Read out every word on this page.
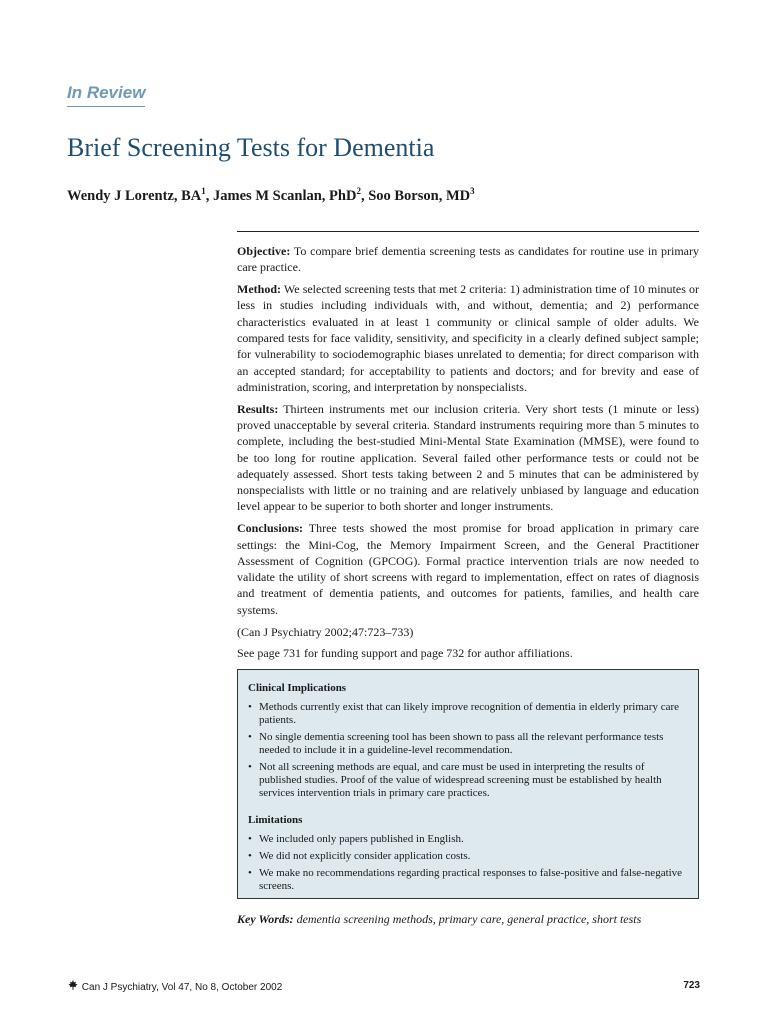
In Review
Brief Screening Tests for Dementia
Wendy J Lorentz, $BA^1$, James M Scanlan, PhD$^2$, Soo Borson, $MD^3$

Objective: To compare brief dementia screening tests as candidates for routine use in primary care practice.

Method: We selected screening tests that met 2 criteria: 1) administration time of 10 minutes or less in studies including individuals with, and without, dementia; and 2) performance characteristics evaluated in at least 1 community or clinical sample of older adults. We compared tests for face validity, sensitivity, and specificity in a clearly defined subject sample; for vulnerability to sociodemographic biases unrelated to dementia; for direct comparison with an accepted standard; for acceptability to patients and doctors; and for brevity and ease of administration, scoring, and interpretation by nonspecialists.

Results: Thirteen instruments met our inclusion criteria. Very short tests (1 minute or less) proved unacceptable by several criteria. Standard instruments requiring more than 5 minutes to complete, including the best-studied Mini-Mental State Examination (MMSE), were found to be too long for routine application. Several failed other performance tests or could not be adequately assessed. Short tests taking between 2 and 5 minutes that can be administered by nonspecialists with little or no training and are relatively unbiased by language and education level appear to be superior to both shorter and longer instruments.

Conclusions: Three tests showed the most promise for broad application in primary care settings: the Mini-Cog, the Memory Impairment Screen, and the General Practitioner Assessment of Cognition (GPCOG). Formal practice intervention trials are now needed to validate the utility of short screens with regard to implementation, effect on rates of diagnosis and treatment of dementia patients, and outcomes for patients, families, and health care systems.

(Can J Psychiatry 2002;47:723–733)

See page 731 for funding support and page 732 for author affiliations.

Clinical Implications
• Methods currently exist that can likely improve recognition of dementia in elderly primary care patients.
• No single dementia screening tool has been shown to pass all the relevant performance tests needed to include it in a guideline-level recommendation.
• Not all screening methods are equal, and care must be used in interpreting the results of published studies. Proof of the value of widespread screening must be established by health services intervention trials in primary care practices.
Limitations
• We included only papers published in English.
• We did not explicitly consider application costs.
• We make no recommendations regarding practical responses to false-positive and false-negative screens.
Key Words: dementia screening methods, primary care, general practice, short tests
Can J Psychiatry, Vol 47, No 8, October 2002	723
